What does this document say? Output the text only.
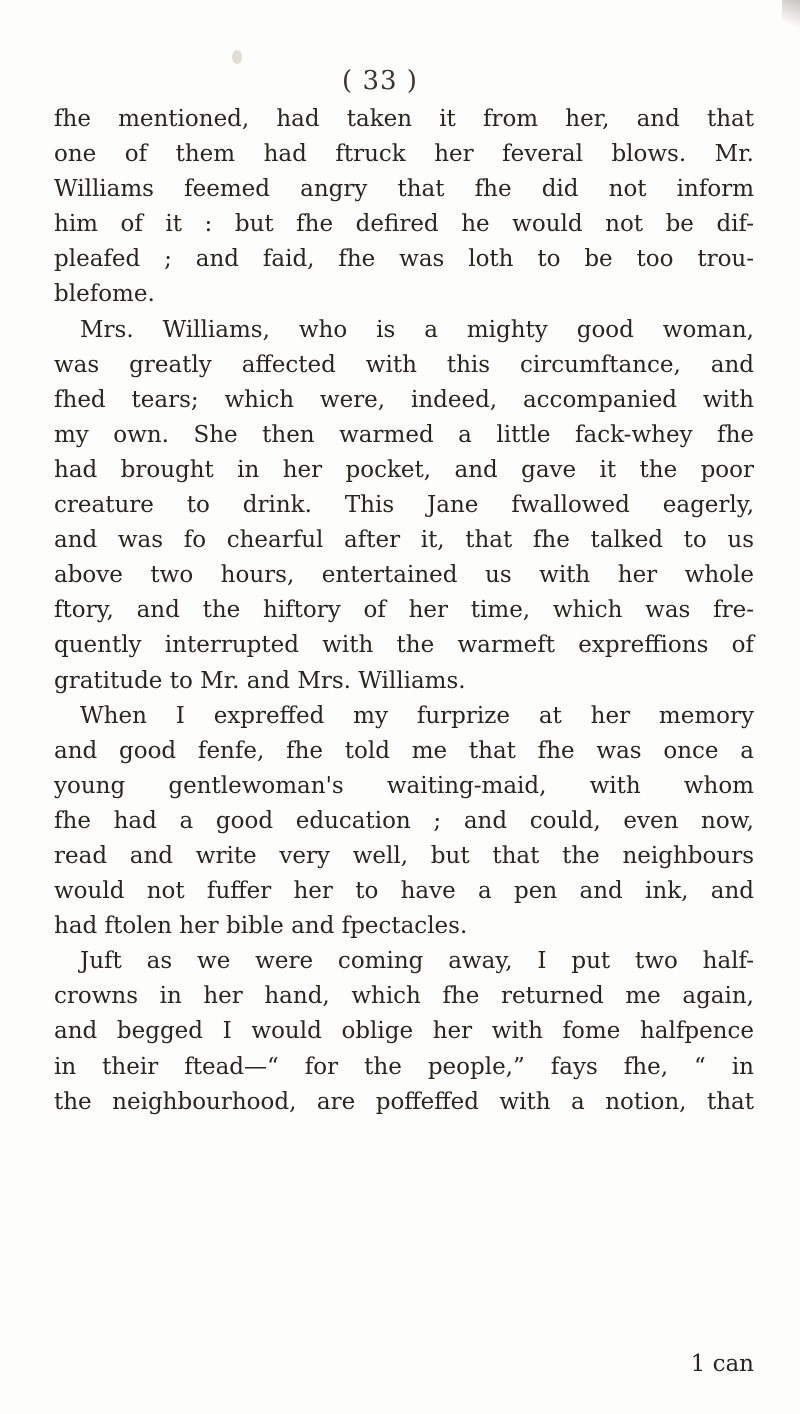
( 33 )
fhe mentioned, had taken it from her, and that
one of them had ftruck her feveral blows. Mr.
Williams feemed angry that fhe did not inform
him of it : but fhe defired he would not be dif-
pleafed ; and faid, fhe was loth to be too trou-
blefome.
Mrs. Williams, who is a mighty good woman,
was greatly affected with this circumftance, and
fhed tears; which were, indeed, accompanied with
my own. She then warmed a little fack-whey fhe
had brought in her pocket, and gave it the poor
creature to drink. This Jane fwallowed eagerly,
and was fo chearful after it, that fhe talked to us
above two hours, entertained us with her whole
ftory, and the hiftory of her time, which was fre-
quently interrupted with the warmeft expreffions of
gratitude to Mr. and Mrs. Williams.
When I expreffed my furprize at her memory
and good fenfe, fhe told me that fhe was once a
young gentlewoman's waiting-maid, with whom
fhe had a good education ; and could, even now,
read and write very well, but that the neighbours
would not fuffer her to have a pen and ink, and
had ftolen her bible and fpectacles.
Juft as we were coming away, I put two half-
crowns in her hand, which fhe returned me again,
and begged I would oblige her with fome halfpence
in their ftead—“ for the people,” fays fhe, “ in
the neighbourhood, are poffeffed with a notion, that
1 can
